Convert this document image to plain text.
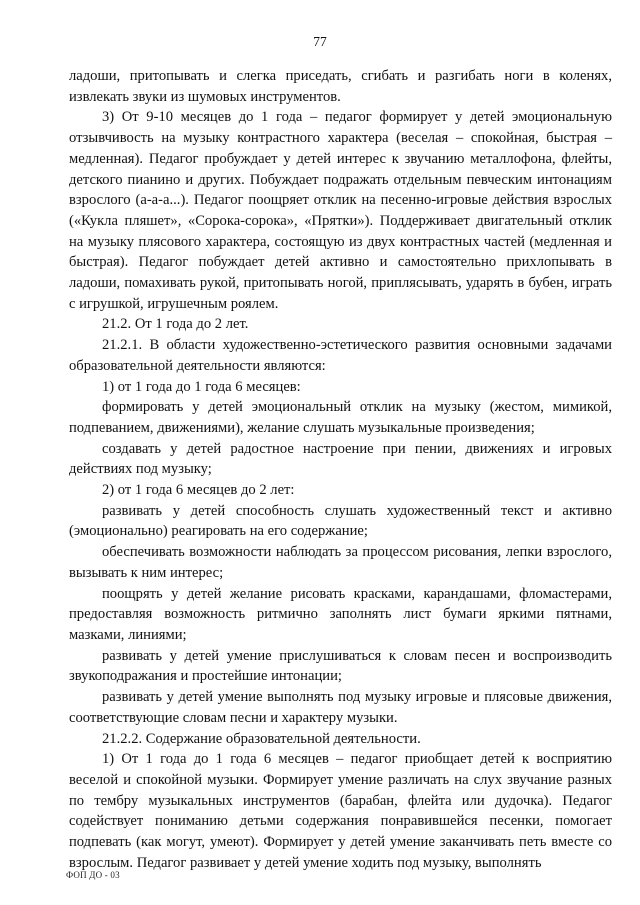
77

ладоши, притопывать и слегка приседать, сгибать и разгибать ноги в коленях, извлекать звуки из шумовых инструментов.

3) От 9-10 месяцев до 1 года – педагог формирует у детей эмоциональную отзывчивость на музыку контрастного характера (веселая – спокойная, быстрая – медленная). Педагог пробуждает у детей интерес к звучанию металлофона, флейты, детского пианино и других. Побуждает подражать отдельным певческим интонациям взрослого (а-а-а...). Педагог поощряет отклик на песенно-игровые действия взрослых («Кукла пляшет», «Сорока-сорока», «Прятки»). Поддерживает двигательный отклик на музыку плясового характера, состоящую из двух контрастных частей (медленная и быстрая). Педагог побуждает детей активно и самостоятельно прихлопывать в ладоши, помахивать рукой, притопывать ногой, приплясывать, ударять в бубен, играть с игрушкой, игрушечным роялем.

21.2. От 1 года до 2 лет.

21.2.1. В области художественно-эстетического развития основными задачами образовательной деятельности являются:

1) от 1 года до 1 года 6 месяцев:

формировать у детей эмоциональный отклик на музыку (жестом, мимикой, подпеванием, движениями), желание слушать музыкальные произведения;

создавать у детей радостное настроение при пении, движениях и игровых действиях под музыку;

2) от 1 года 6 месяцев до 2 лет:

развивать у детей способность слушать художественный текст и активно (эмоционально) реагировать на его содержание;

обеспечивать возможности наблюдать за процессом рисования, лепки взрослого, вызывать к ним интерес;

поощрять у детей желание рисовать красками, карандашами, фломастерами, предоставляя возможность ритмично заполнять лист бумаги яркими пятнами, мазками, линиями;

развивать у детей умение прислушиваться к словам песен и воспроизводить звукоподражания и простейшие интонации;

развивать у детей умение выполнять под музыку игровые и плясовые движения, соответствующие словам песни и характеру музыки.

21.2.2. Содержание образовательной деятельности.

1) От 1 года до 1 года 6 месяцев – педагог приобщает детей к восприятию веселой и спокойной музыки. Формирует умение различать на слух звучание разных по тембру музыкальных инструментов (барабан, флейта или дудочка). Педагог содействует пониманию детьми содержания понравившейся песенки, помогает подпевать (как могут, умеют). Формирует у детей умение заканчивать петь вместе со взрослым. Педагог развивает у детей умение ходить под музыку, выполнять

ФОП ДО - 03
